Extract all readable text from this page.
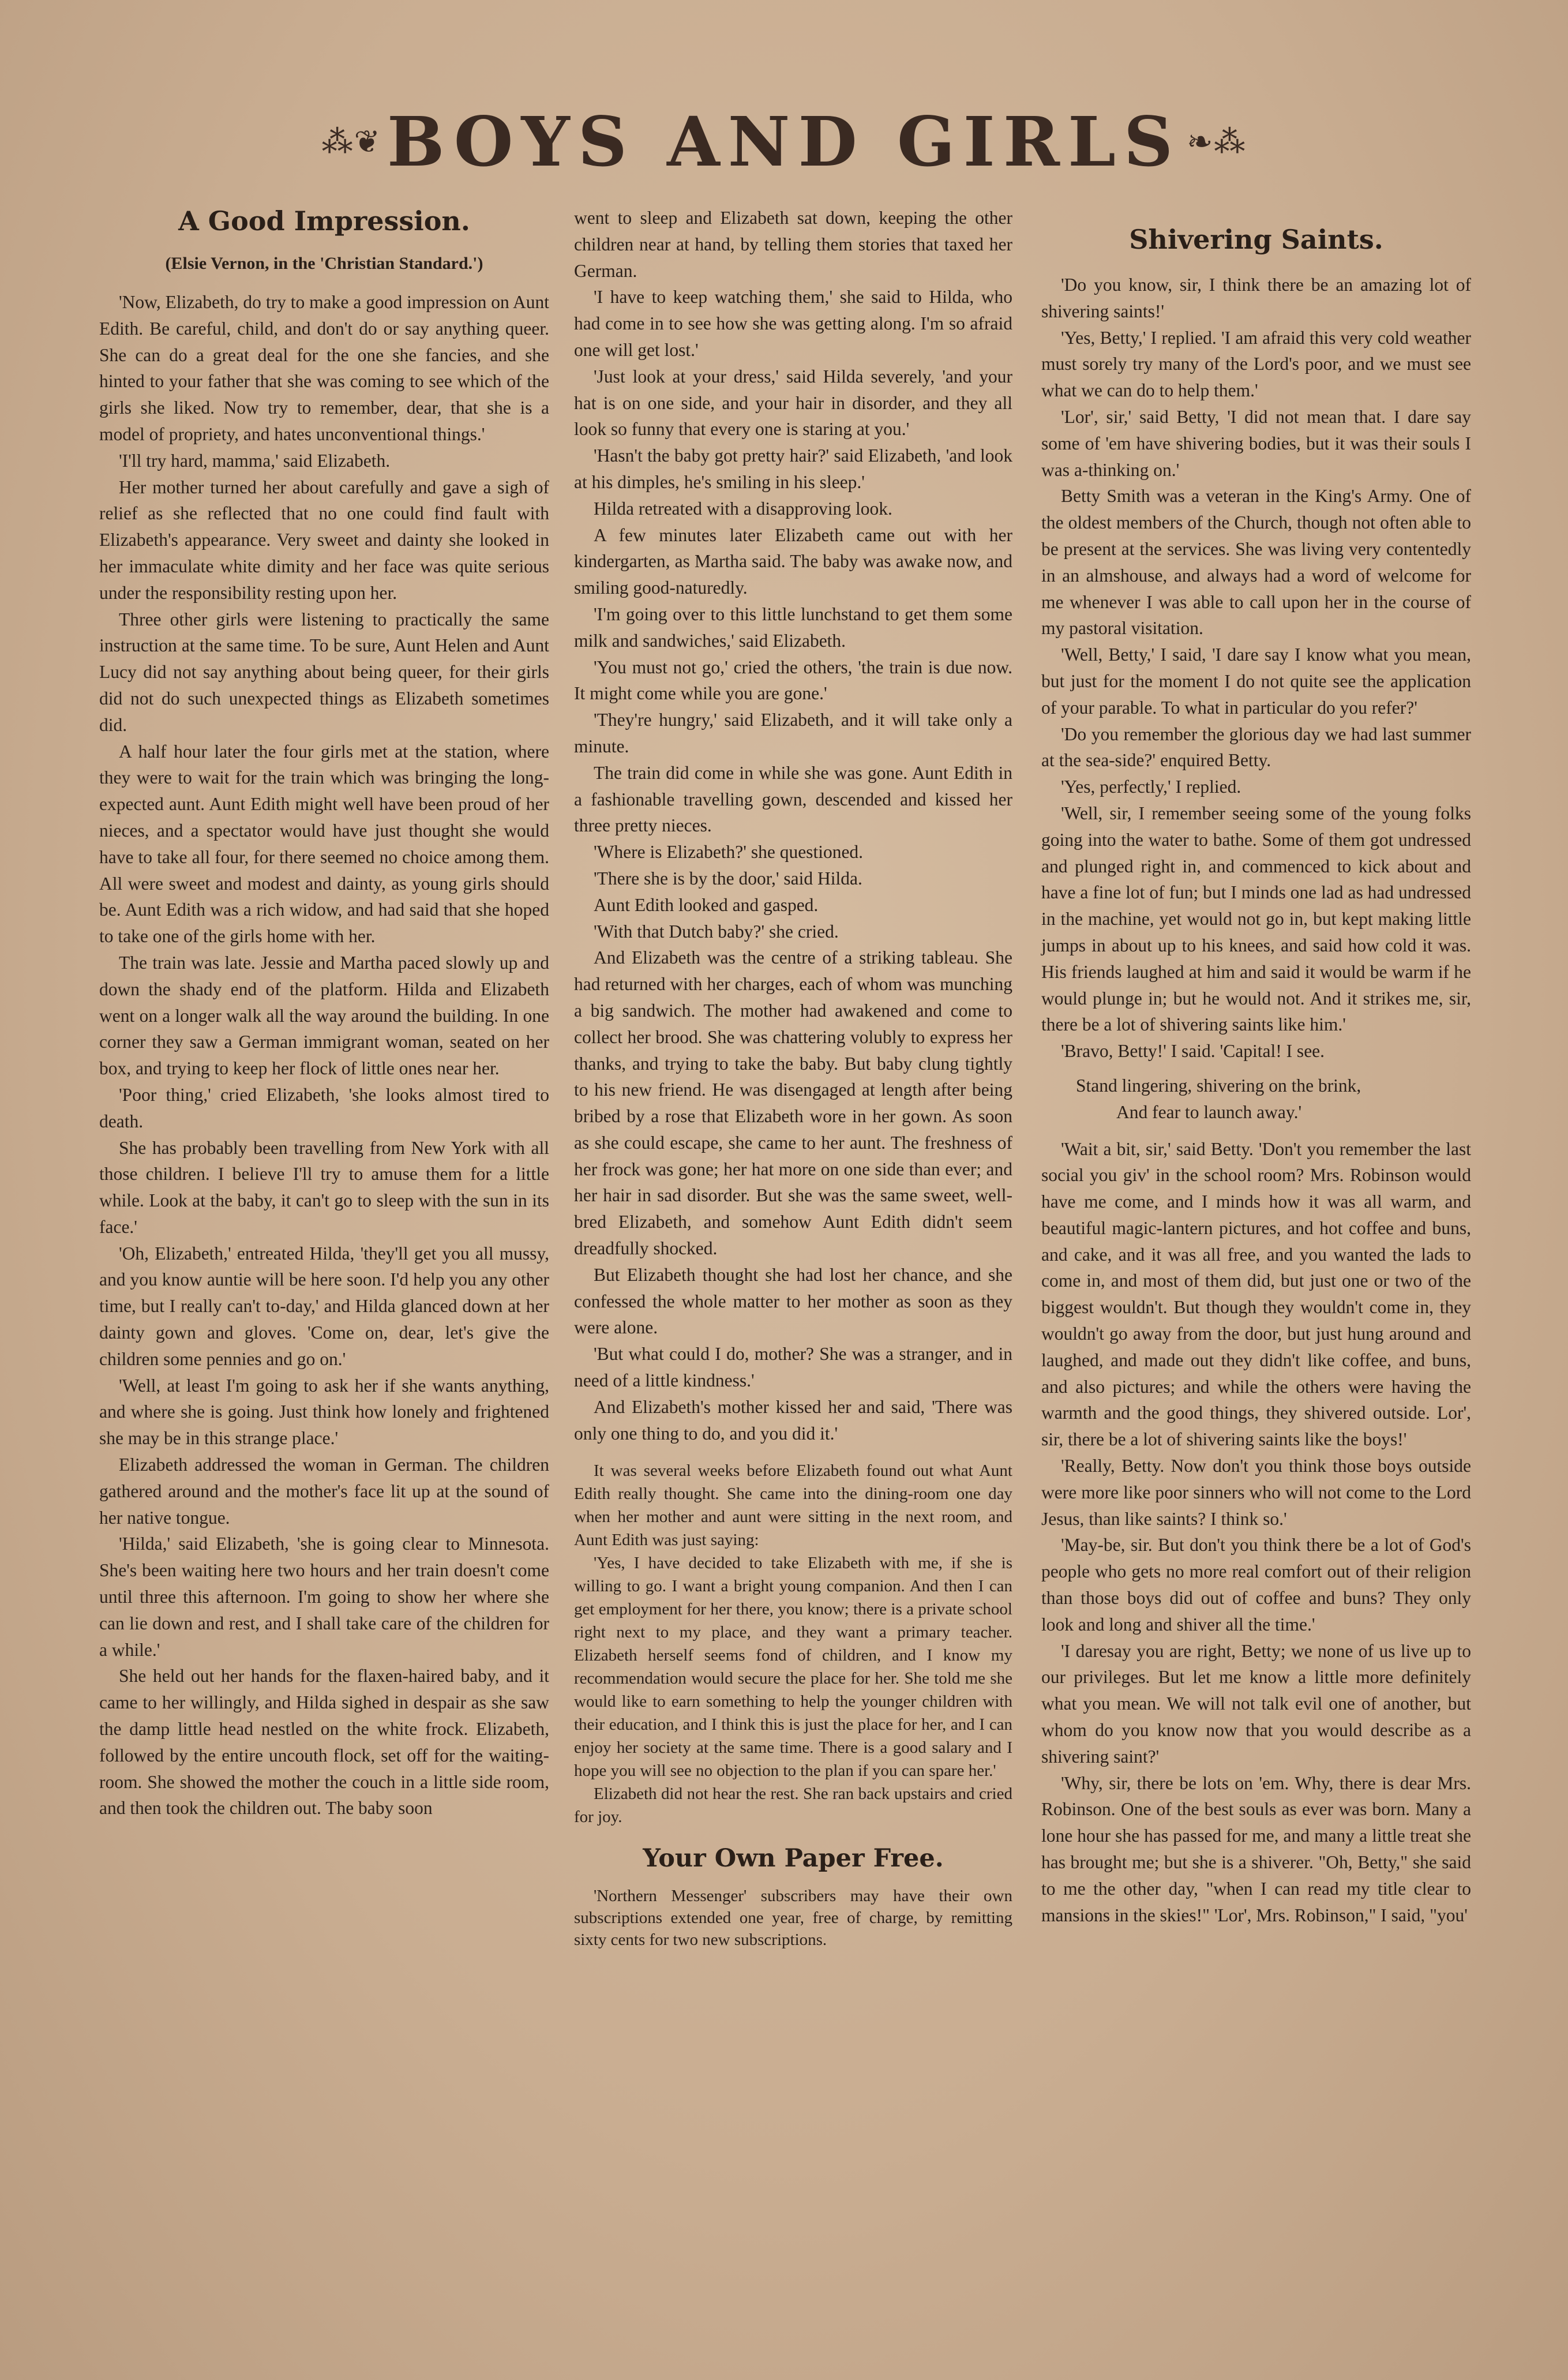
⁂❦ BOYS AND GIRLS ❧⁂
A Good Impression.
(Elsie Vernon, in the 'Christian Standard.')

'Now, Elizabeth, do try to make a good impression on Aunt Edith. Be careful, child, and don't do or say anything queer. She can do a great deal for the one she fancies, and she hinted to your father that she was coming to see which of the girls she liked. Now try to remember, dear, that she is a model of propriety, and hates unconventional things.'

'I'll try hard, mamma,' said Elizabeth.

Her mother turned her about carefully and gave a sigh of relief as she reflected that no one could find fault with Elizabeth's appearance. Very sweet and dainty she looked in her immaculate white dimity and her face was quite serious under the responsibility resting upon her.

Three other girls were listening to practically the same instruction at the same time. To be sure, Aunt Helen and Aunt Lucy did not say anything about being queer, for their girls did not do such unexpected things as Elizabeth sometimes did.

A half hour later the four girls met at the station, where they were to wait for the train which was bringing the long-expected aunt. Aunt Edith might well have been proud of her nieces, and a spectator would have just thought she would have to take all four, for there seemed no choice among them. All were sweet and modest and dainty, as young girls should be. Aunt Edith was a rich widow, and had said that she hoped to take one of the girls home with her.

The train was late. Jessie and Martha paced slowly up and down the shady end of the platform. Hilda and Elizabeth went on a longer walk all the way around the building. In one corner they saw a German immigrant woman, seated on her box, and trying to keep her flock of little ones near her.

'Poor thing,' cried Elizabeth, 'she looks almost tired to death.

She has probably been travelling from New York with all those children. I believe I'll try to amuse them for a little while. Look at the baby, it can't go to sleep with the sun in its face.'

'Oh, Elizabeth,' entreated Hilda, 'they'll get you all mussy, and you know auntie will be here soon. I'd help you any other time, but I really can't to-day,' and Hilda glanced down at her dainty gown and gloves. 'Come on, dear, let's give the children some pennies and go on.'

'Well, at least I'm going to ask her if she wants anything, and where she is going. Just think how lonely and frightened she may be in this strange place.'

Elizabeth addressed the woman in German. The children gathered around and the mother's face lit up at the sound of her native tongue.

'Hilda,' said Elizabeth, 'she is going clear to Minnesota. She's been waiting here two hours and her train doesn't come until three this afternoon. I'm going to show her where she can lie down and rest, and I shall take care of the children for a while.'

She held out her hands for the flaxen-haired baby, and it came to her willingly, and Hilda sighed in despair as she saw the damp little head nestled on the white frock. Elizabeth, followed by the entire uncouth flock, set off for the waiting-room. She showed the mother the couch in a little side room, and then took the children out. The baby soon

went to sleep and Elizabeth sat down, keeping the other children near at hand, by telling them stories that taxed her German.

'I have to keep watching them,' she said to Hilda, who had come in to see how she was getting along. I'm so afraid one will get lost.'

'Just look at your dress,' said Hilda severely, 'and your hat is on one side, and your hair in disorder, and they all look so funny that every one is staring at you.'

'Hasn't the baby got pretty hair?' said Elizabeth, 'and look at his dimples, he's smiling in his sleep.'

Hilda retreated with a disapproving look.

A few minutes later Elizabeth came out with her kindergarten, as Martha said. The baby was awake now, and smiling good-naturedly.

'I'm going over to this little lunchstand to get them some milk and sandwiches,' said Elizabeth.

'You must not go,' cried the others, 'the train is due now. It might come while you are gone.'

'They're hungry,' said Elizabeth, and it will take only a minute.

The train did come in while she was gone. Aunt Edith in a fashionable travelling gown, descended and kissed her three pretty nieces.

'Where is Elizabeth?' she questioned.

'There she is by the door,' said Hilda.

Aunt Edith looked and gasped.

'With that Dutch baby?' she cried.

And Elizabeth was the centre of a striking tableau. She had returned with her charges, each of whom was munching a big sandwich. The mother had awakened and come to collect her brood. She was chattering volubly to express her thanks, and trying to take the baby. But baby clung tightly to his new friend. He was disengaged at length after being bribed by a rose that Elizabeth wore in her gown. As soon as she could escape, she came to her aunt. The freshness of her frock was gone; her hat more on one side than ever; and her hair in sad disorder. But she was the same sweet, well-bred Elizabeth, and somehow Aunt Edith didn't seem dreadfully shocked.

But Elizabeth thought she had lost her chance, and she confessed the whole matter to her mother as soon as they were alone.

'But what could I do, mother? She was a stranger, and in need of a little kindness.'

And Elizabeth's mother kissed her and said, 'There was only one thing to do, and you did it.'

It was several weeks before Elizabeth found out what Aunt Edith really thought. She came into the dining-room one day when her mother and aunt were sitting in the next room, and Aunt Edith was just saying:

'Yes, I have decided to take Elizabeth with me, if she is willing to go. I want a bright young companion. And then I can get employment for her there, you know; there is a private school right next to my place, and they want a primary teacher. Elizabeth herself seems fond of children, and I know my recommendation would secure the place for her. She told me she would like to earn something to help the younger children with their education, and I think this is just the place for her, and I can enjoy her society at the same time. There is a good salary and I hope you will see no objection to the plan if you can spare her.'

Elizabeth did not hear the rest. She ran back upstairs and cried for joy.

Your Own Paper Free.

'Northern Messenger' subscribers may have their own subscriptions extended one year, free of charge, by remitting sixty cents for two new subscriptions.

Shivering Saints.

'Do you know, sir, I think there be an amazing lot of shivering saints!'

'Yes, Betty,' I replied. 'I am afraid this very cold weather must sorely try many of the Lord's poor, and we must see what we can do to help them.'

'Lor', sir,' said Betty, 'I did not mean that. I dare say some of 'em have shivering bodies, but it was their souls I was a-thinking on.'

Betty Smith was a veteran in the King's Army. One of the oldest members of the Church, though not often able to be present at the services. She was living very contentedly in an almshouse, and always had a word of welcome for me whenever I was able to call upon her in the course of my pastoral visitation.

'Well, Betty,' I said, 'I dare say I know what you mean, but just for the moment I do not quite see the application of your parable. To what in particular do you refer?'

'Do you remember the glorious day we had last summer at the sea-side?' enquired Betty.

'Yes, perfectly,' I replied.

'Well, sir, I remember seeing some of the young folks going into the water to bathe. Some of them got undressed and plunged right in, and commenced to kick about and have a fine lot of fun; but I minds one lad as had undressed in the machine, yet would not go in, but kept making little jumps in about up to his knees, and said how cold it was. His friends laughed at him and said it would be warm if he would plunge in; but he would not. And it strikes me, sir, there be a lot of shivering saints like him.'

'Bravo, Betty!' I said. 'Capital! I see.

Stand lingering, shivering on the brink,

And fear to launch away.'

'Wait a bit, sir,' said Betty. 'Don't you remember the last social you giv' in the school room? Mrs. Robinson would have me come, and I minds how it was all warm, and beautiful magic-lantern pictures, and hot coffee and buns, and cake, and it was all free, and you wanted the lads to come in, and most of them did, but just one or two of the biggest wouldn't. But though they wouldn't come in, they wouldn't go away from the door, but just hung around and laughed, and made out they didn't like coffee, and buns, and also pictures; and while the others were having the warmth and the good things, they shivered outside. Lor', sir, there be a lot of shivering saints like the boys!'

'Really, Betty. Now don't you think those boys outside were more like poor sinners who will not come to the Lord Jesus, than like saints? I think so.'

'May-be, sir. But don't you think there be a lot of God's people who gets no more real comfort out of their religion than those boys did out of coffee and buns? They only look and long and shiver all the time.'

'I daresay you are right, Betty; we none of us live up to our privileges. But let me know a little more definitely what you mean. We will not talk evil one of another, but whom do you know now that you would describe as a shivering saint?'

'Why, sir, there be lots on 'em. Why, there is dear Mrs. Robinson. One of the best souls as ever was born. Many a lone hour she has passed for me, and many a little treat she has brought me; but she is a shiverer. "Oh, Betty," she said to me the other day, "when I can read my title clear to mansions in the skies!" 'Lor', Mrs. Robinson," I said, "you'
